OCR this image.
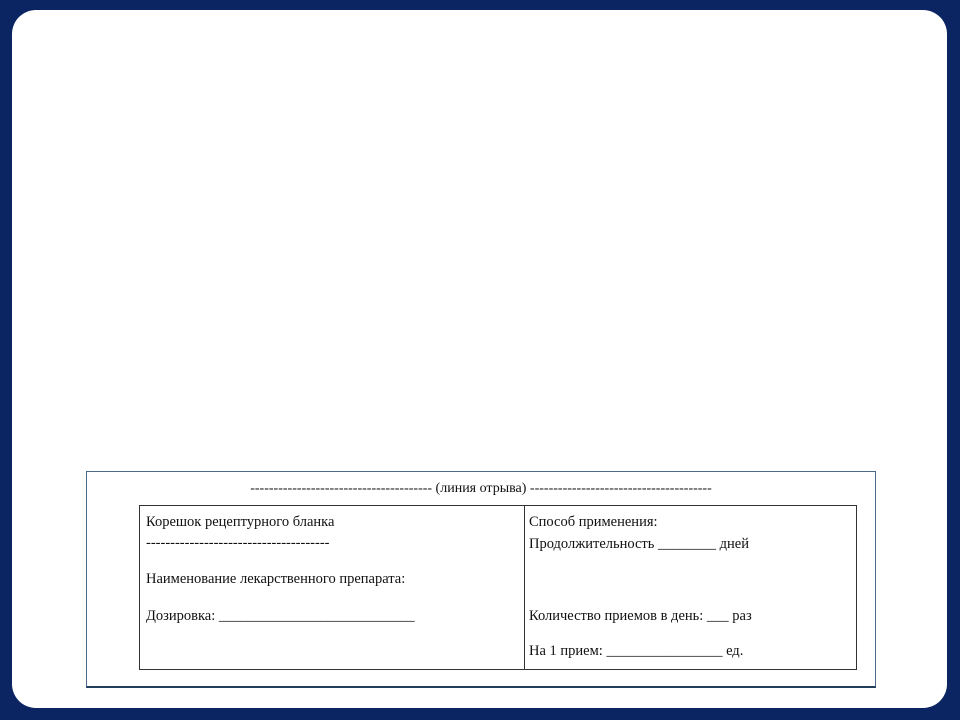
--------------------------------------- (линия отрыва) ---------------------------------------
Корешок рецептурного бланка
--------------------------------------
Наименование лекарственного препарата:
Дозировка: ___________________________
Способ применения:
Продолжительность ________ дней
Количество приемов в день: ___ раз
На 1 прием: ________________ ед.
